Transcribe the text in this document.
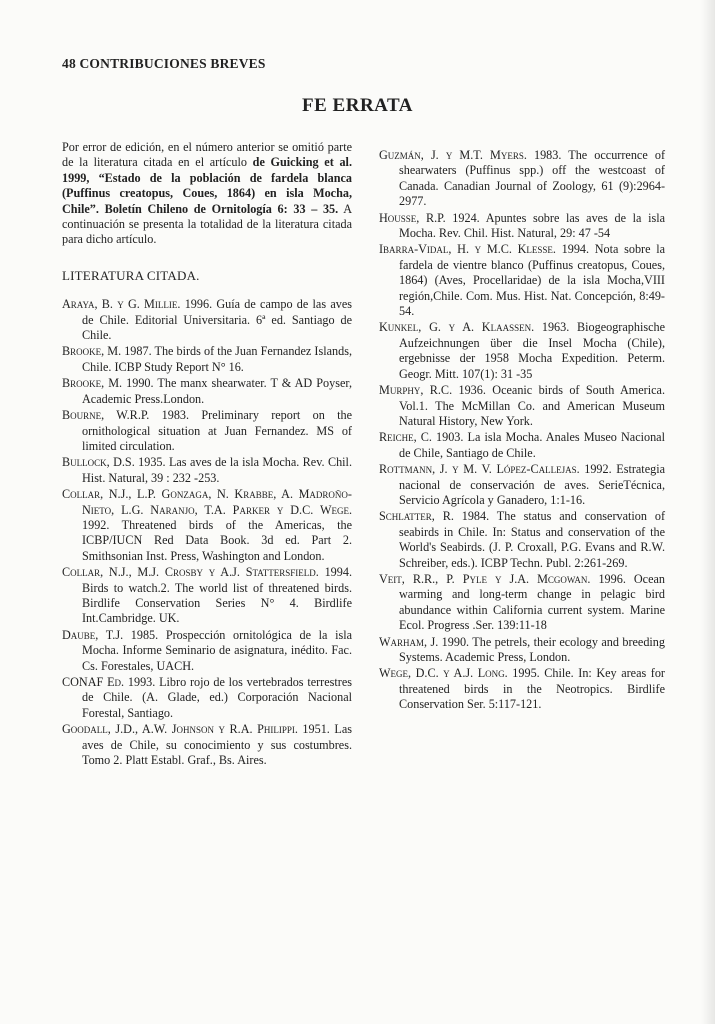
48 CONTRIBUCIONES BREVES
FE ERRATA

Por error de edición, en el número anterior se omitió parte de la literatura citada en el artículo de Guicking et al. 1999, “Estado de la población de fardela blanca (Puffinus creatopus, Coues, 1864) en isla Mocha, Chile”. Boletín Chileno de Ornitología 6: 33 – 35. A continuación se presenta la totalidad de la literatura citada para dicho artículo.

LITERATURA CITADA.

Araya, B. y G. Millie. 1996. Guía de campo de las aves de Chile. Editorial Universitaria. 6ª ed. Santiago de Chile.

Brooke, M. 1987. The birds of the Juan Fernandez Islands, Chile. ICBP Study Report N° 16.

Brooke, M. 1990. The manx shearwater. T & AD Poyser, Academic Press.London.

Bourne, W.R.P. 1983. Preliminary report on the ornithological situation at Juan Fernandez. MS of limited circulation.

Bullock, D.S. 1935. Las aves de la isla Mocha. Rev. Chil. Hist. Natural, 39 : 232 -253.

Collar, N.J., L.P. Gonzaga, N. Krabbe, A. Madroño-Nieto, L.G. Naranjo, T.A. Parker y D.C. Wege. 1992. Threatened birds of the Americas, the ICBP/IUCN Red Data Book. 3d ed. Part 2. Smithsonian Inst. Press, Washington and London.

Collar, N.J., M.J. Crosby y A.J. Stattersfield. 1994. Birds to watch.2. The world list of threatened birds. Birdlife Conservation Series N° 4. Birdlife Int.Cambridge. UK.

Daube, T.J. 1985. Prospección ornitológica de la isla Mocha. Informe Seminario de asignatura, inédito. Fac. Cs. Forestales, UACH.

CONAF Ed. 1993. Libro rojo de los vertebrados terrestres de Chile. (A. Glade, ed.) Corporación Nacional Forestal, Santiago.

Goodall, J.D., A.W. Johnson y R.A. Philippi. 1951. Las aves de Chile, su conocimiento y sus costumbres. Tomo 2. Platt Establ. Graf., Bs. Aires.

Guzmán, J. y M.T. Myers. 1983. The occurrence of shearwaters (Puffinus spp.) off the westcoast of Canada. Canadian Journal of Zoology, 61 (9):2964-2977.

Housse, R.P. 1924. Apuntes sobre las aves de la isla Mocha. Rev. Chil. Hist. Natural, 29: 47 -54

Ibarra-Vidal, H. y M.C. Klesse. 1994. Nota sobre la fardela de vientre blanco (Puffinus creatopus, Coues, 1864) (Aves, Procellaridae) de la isla Mocha,VIII región,Chile. Com. Mus. Hist. Nat. Concepción, 8:49-54.

Kunkel, G. y A. Klaassen. 1963. Biogeographische Aufzeichnungen über die Insel Mocha (Chile), ergebnisse der 1958 Mocha Expedition. Peterm. Geogr. Mitt. 107(1): 31 -35

Murphy, R.C. 1936. Oceanic birds of South America. Vol.1. The McMillan Co. and American Museum Natural History, New York.

Reiche, C. 1903. La isla Mocha. Anales Museo Nacional de Chile, Santiago de Chile.

Rottmann, J. y M. V. López-Callejas. 1992. Estrategia nacional de conservación de aves. SerieTécnica, Servicio Agrícola y Ganadero, 1:1-16.

Schlatter, R. 1984. The status and conservation of seabirds in Chile. In: Status and conservation of the World's Seabirds. (J. P. Croxall, P.G. Evans and R.W. Schreiber, eds.). ICBP Techn. Publ. 2:261-269.

Veit, R.R., P. Pyle y J.A. Mcgowan. 1996. Ocean warming and long-term change in pelagic bird abundance within California current system. Marine Ecol. Progress .Ser. 139:11-18

Warham, J. 1990. The petrels, their ecology and breeding Systems. Academic Press, London.

Wege, D.C. y A.J. Long. 1995. Chile. In: Key areas for threatened birds in the Neotropics. Birdlife Conservation Ser. 5:117-121.
